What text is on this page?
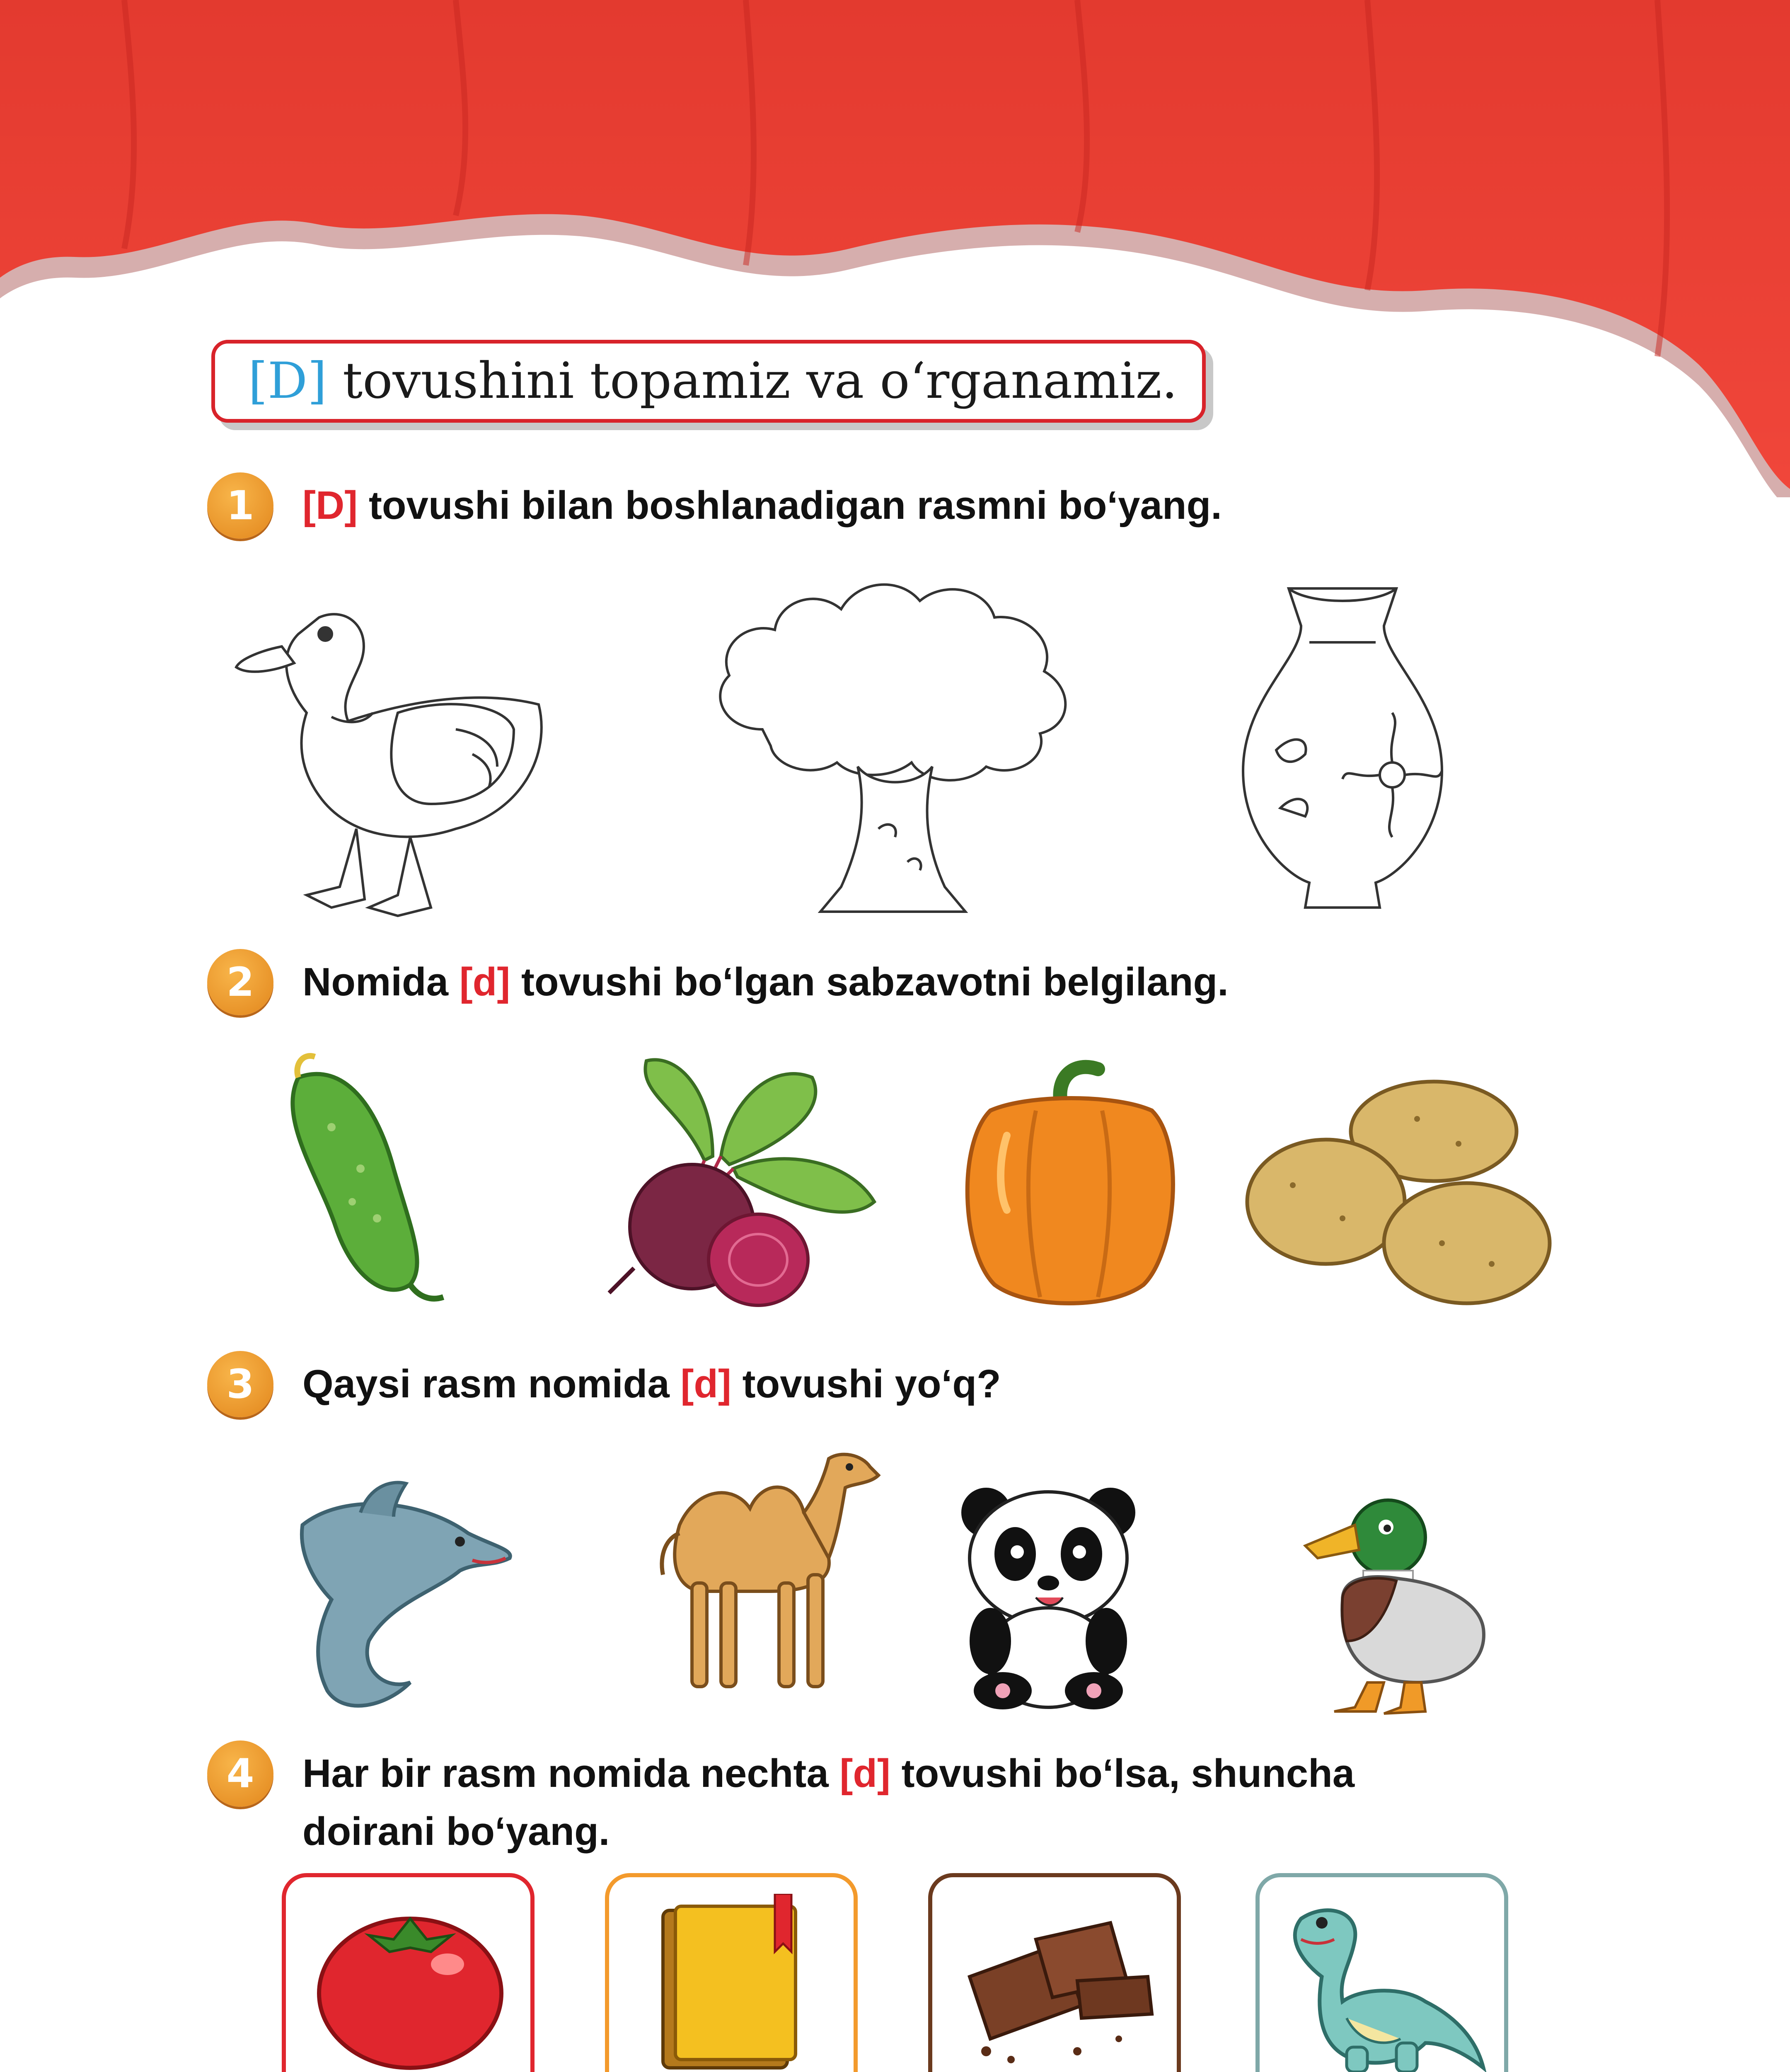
[D] tovushini topamiz va o‘rganamiz.
1	[D] tovushi bilan boshlanadigan rasmni bo‘yang.
2	Nomida [d] tovushi bo‘lgan sabzavotni belgilang.
3	Qaysi rasm nomida [d] tovushi yo‘q?
4	Har bir rasm nomida nechta [d] tovushi bo‘lsa, shuncha
doirani bo‘yang.
